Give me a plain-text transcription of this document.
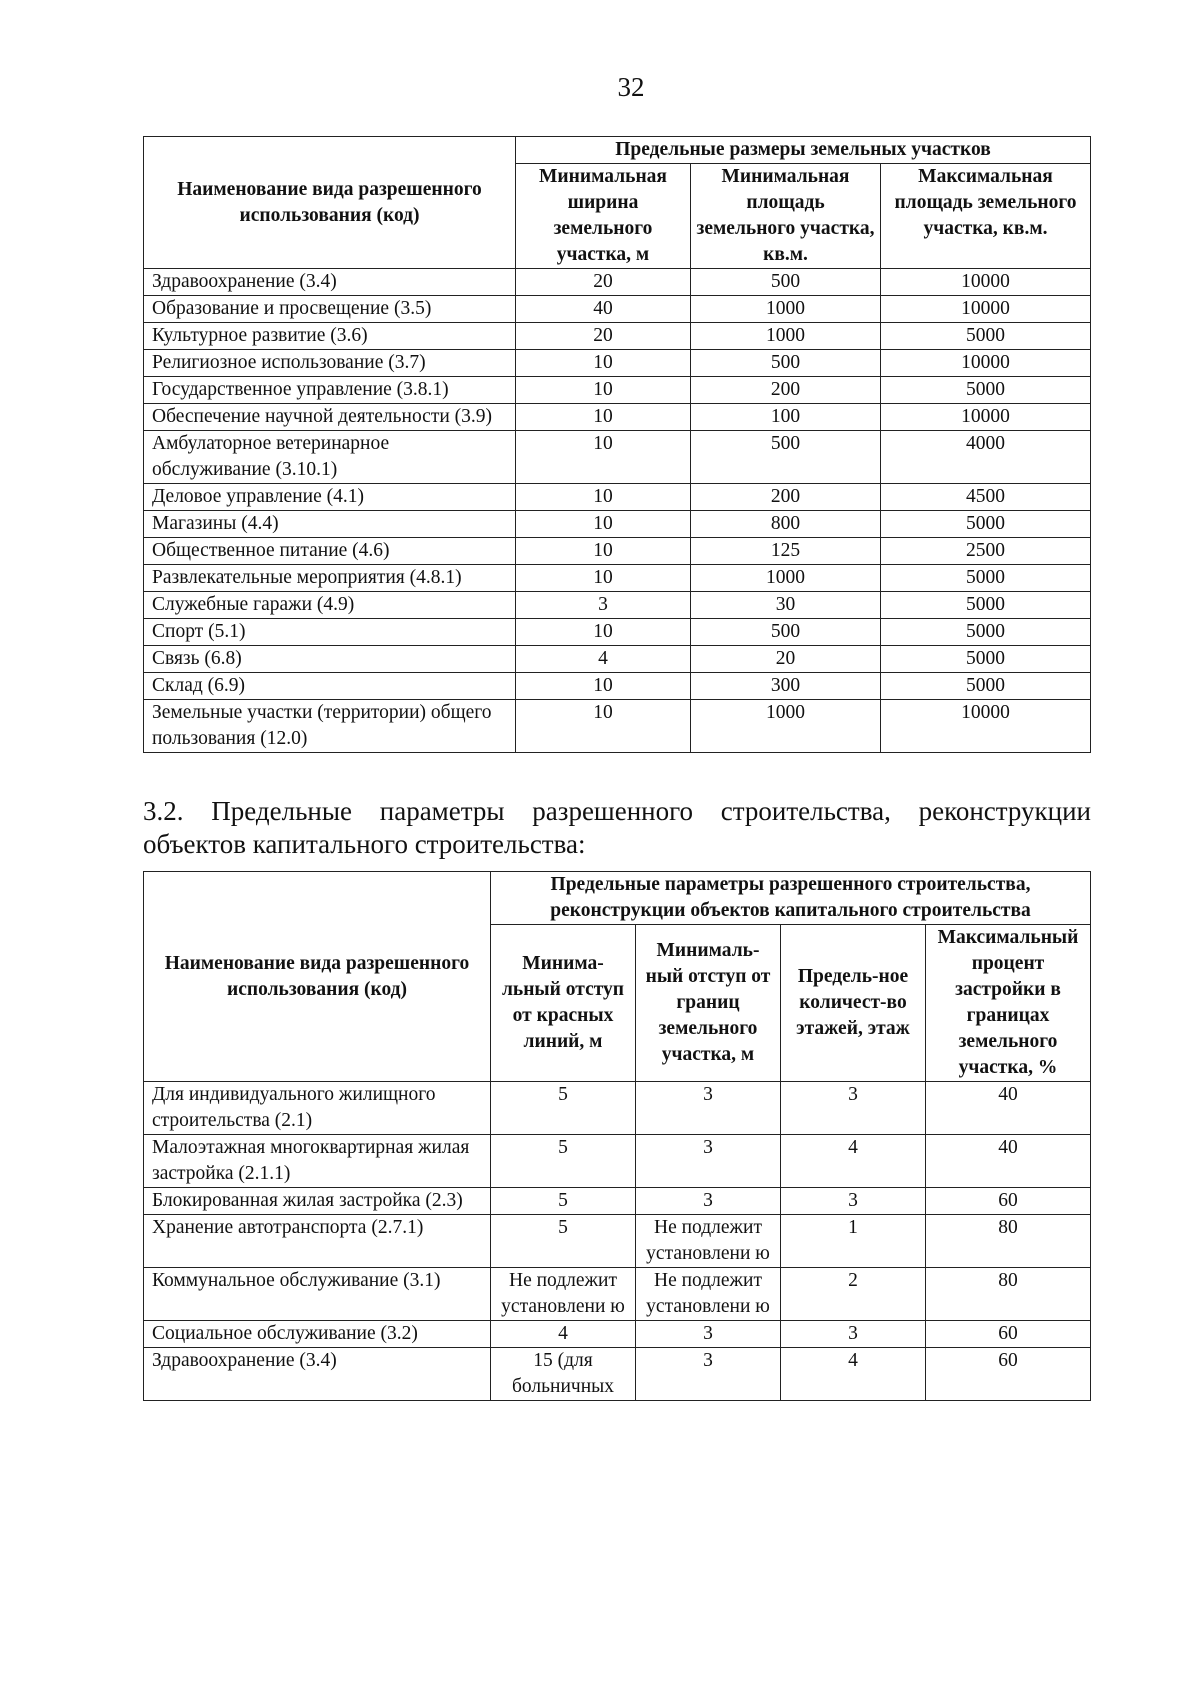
32
Наименование вида разрешенного использования (код)	Предельные размеры земельных участков		
	Минимальная ширина земельного участка, м	Минимальная площадь земельного участка, кв.м.	Максимальная площадь земельного участка, кв.м.
Здравоохранение (3.4)	20	500	10000
Образование и просвещение (3.5)	40	1000	10000
Культурное развитие (3.6)	20	1000	5000
Религиозное использование (3.7)	10	500	10000
Государственное управление (3.8.1)	10	200	5000
Обеспечение научной деятельности (3.9)	10	100	10000
Амбулаторное ветеринарное обслуживание (3.10.1)	10	500	4000
Деловое управление (4.1)	10	200	4500
Магазины (4.4)	10	800	5000
Общественное питание (4.6)	10	125	2500
Развлекательные мероприятия (4.8.1)	10	1000	5000
Служебные гаражи (4.9)	3	30	5000
Спорт (5.1)	10	500	5000
Связь (6.8)	4	20	5000
Склад (6.9)	10	300	5000
Земельные участки (территории) общего пользования (12.0)	10	1000	10000

3.2. Предельные параметры разрешенного строительства, реконструкции
объектов капитального строительства:

Наименование вида разрешенного использования (код)	Предельные параметры разрешенного строительства, реконструкции объектов капитального строительства			
	Минима-льный отступ от красных линий, м	Минималь-ный отступ от границ земельного участка, м	Предель-ное количест-во этажей, этаж	Максимальный процент застройки в границах земельного участка, %
Для индивидуального жилищного строительства (2.1)	5	3	3	40
Малоэтажная многоквартирная жилая застройка (2.1.1)	5	3	4	40
Блокированная жилая застройка (2.3)	5	3	3	60
Хранение автотранспорта (2.7.1)	5	Не подлежит установлени ю	1	80
Коммунальное обслуживание (3.1)	Не подлежит установлени ю	Не подлежит установлени ю	2	80
Социальное обслуживание (3.2)	4	3	3	60
Здравоохранение (3.4)	15 (для больничных	3	4	60
